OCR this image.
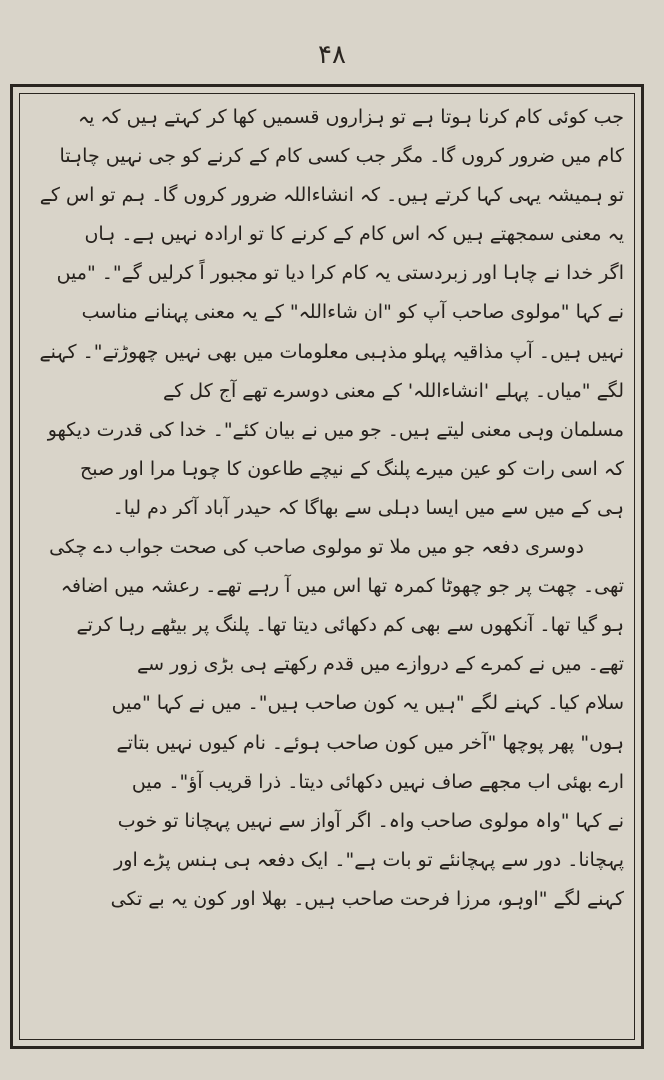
۴۸
جب کوئی کام کرنا ہوتا ہے تو ہزاروں قسمیں کھا کر کہتے ہیں کہ یہ
کام میں ضرور کروں گا۔ مگر جب کسی کام کے کرنے کو جی نہیں چاہتا
تو ہمیشہ یہی کہا کرتے ہیں۔ کہ انشاءاللہ ضرور کروں گا۔ ہم تو اس کے
یہ معنی سمجھتے ہیں کہ اس کام کے کرنے کا تو ارادہ نہیں ہے۔ ہاں
اگر خدا نے چاہا اور زبردستی یہ کام کرا دیا تو مجبور اً کرلیں گے"۔ "میں
نے کہا "مولوی صاحب آپ کو "ان شاءاللہ" کے یہ معنی پہنانے مناسب
نہیں ہیں۔ آپ مذاقیہ پہلو مذہبی معلومات میں بھی نہیں چھوڑتے"۔ کہنے
لگے "میاں۔ پہلے 'انشاءاللہ' کے معنی دوسرے تھے آج کل کے
مسلمان وہی معنی لیتے ہیں۔ جو میں نے بیان کئے"۔ خدا کی قدرت دیکھو
کہ اسی رات کو عین میرے پلنگ کے نیچے طاعون کا چوہا مرا اور صبح
ہی کے میں سے میں ایسا دہلی سے بھاگا کہ حیدر آباد آکر دم لیا۔
دوسری دفعہ جو میں ملا تو مولوی صاحب کی صحت جواب دے چکی
تھی۔ چھت پر جو چھوٹا کمرہ تھا اس میں آ رہے تھے۔ رعشہ میں اضافہ
ہو گیا تھا۔ آنکھوں سے بھی کم دکھائی دیتا تھا۔ پلنگ پر بیٹھے رہا کرتے
تھے۔ میں نے کمرے کے دروازے میں قدم رکھتے ہی بڑی زور سے
سلام کیا۔ کہنے لگے "ہیں یہ کون صاحب ہیں"۔ میں نے کہا "میں
ہوں" پھر پوچھا "آخر میں کون صاحب ہوئے۔ نام کیوں نہیں بتاتے
ارے بھئی اب مجھے صاف نہیں دکھائی دیتا۔ ذرا قریب آؤ"۔ میں
نے کہا "واہ مولوی صاحب واہ۔ اگر آواز سے نہیں پہچانا تو خوب
پہچانا۔ دور سے پہچانئے تو بات ہے"۔ ایک دفعہ ہی ہنس پڑے اور
کہنے لگے "اوہو، مرزا فرحت صاحب ہیں۔ بھلا اور کون یہ بے تکی
